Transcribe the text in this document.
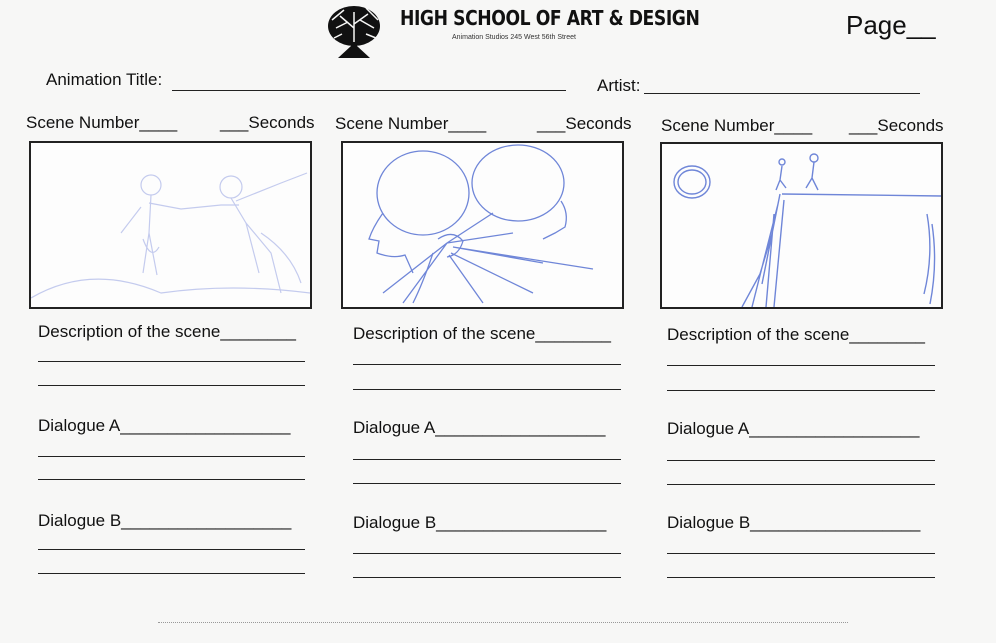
HIGH SCHOOL OF ART & DESIGN
Animation Studios 245 West 56th Street	Page__
Animation Title:	Artist:
Scene Number____	___Seconds
Description of the scene________
Dialogue A__________________
Dialogue B__________________
Scene Number____	___Seconds
Description of the scene________
Dialogue A__________________
Dialogue B__________________
Scene Number____ ___Seconds
Description of the scene________
Dialogue A__________________
Dialogue B__________________
